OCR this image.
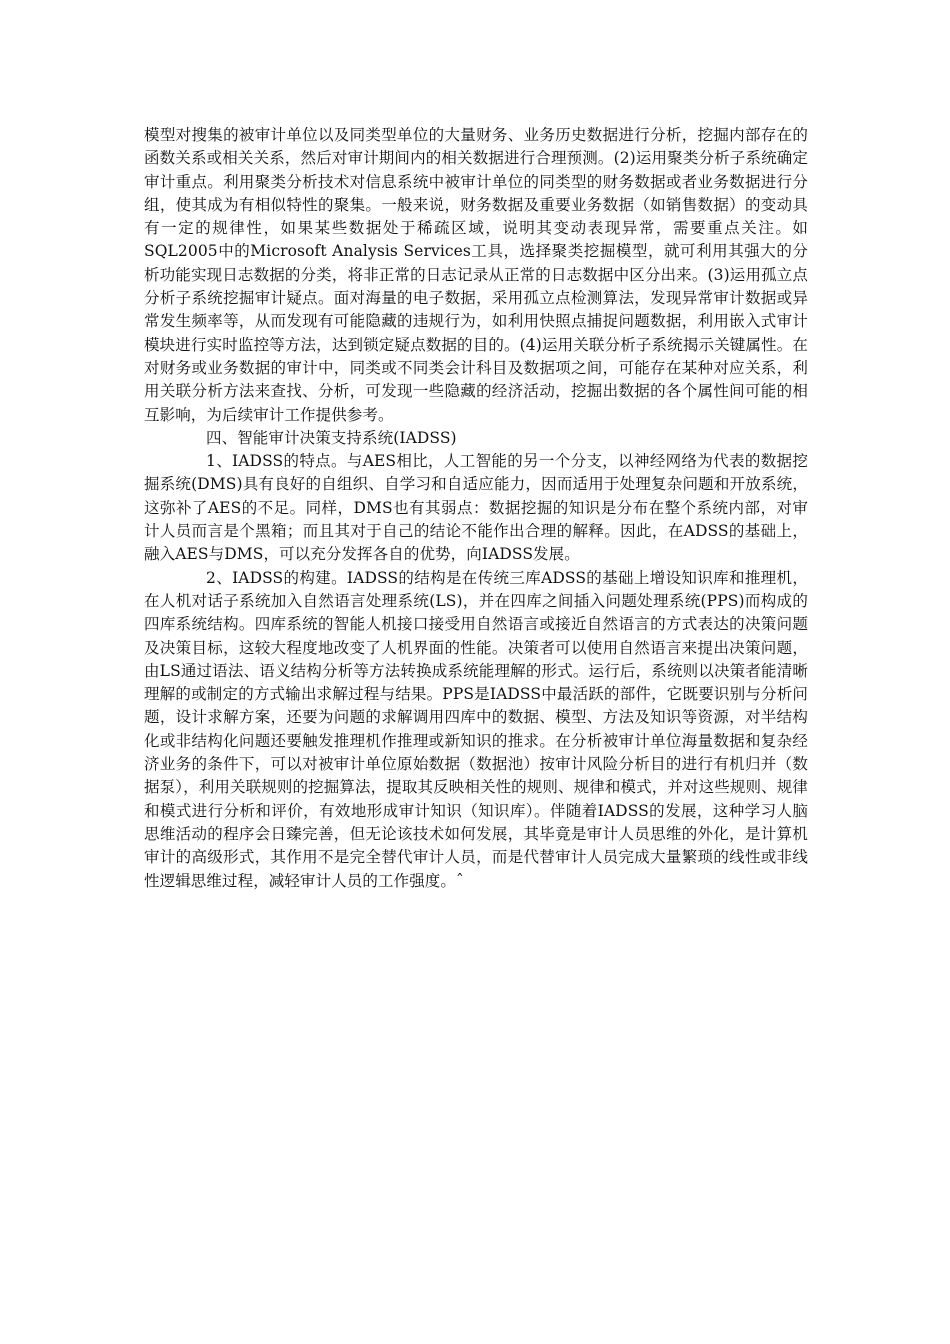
模型对搜集的被审计单位以及同类型单位的大量财务、业务历史数据进行分析，挖掘内部存在的函数关系或相关关系，然后对审计期间内的相关数据进行合理预测。(2)运用聚类分析子系统确定审计重点。利用聚类分析技术对信息系统中被审计单位的同类型的财务数据或者业务数据进行分组，使其成为有相似特性的聚集。一般来说，财务数据及重要业务数据（如销售数据）的变动具有一定的规律性，如果某些数据处于稀疏区域，说明其变动表现异常，需要重点关注。如SQL2005中的Microsoft Analysis Services工具，选择聚类挖掘模型，就可利用其强大的分析功能实现日志数据的分类，将非正常的日志记录从正常的日志数据中区分出来。(3)运用孤立点分析子系统挖掘审计疑点。面对海量的电子数据，采用孤立点检测算法，发现异常审计数据或异常发生频率等，从而发现有可能隐藏的违规行为，如利用快照点捕捉问题数据，利用嵌入式审计模块进行实时监控等方法，达到锁定疑点数据的目的。(4)运用关联分析子系统揭示关键属性。在对财务或业务数据的审计中，同类或不同类会计科目及数据项之间，可能存在某种对应关系，利用关联分析方法来查找、分析，可发现一些隐藏的经济活动，挖掘出数据的各个属性间可能的相互影响，为后续审计工作提供参考。

四、智能审计决策支持系统(IADSS)

1、IADSS的特点。与AES相比，人工智能的另一个分支，以神经网络为代表的数据挖掘系统(DMS)具有良好的自组织、自学习和自适应能力，因而适用于处理复杂问题和开放系统，这弥补了AES的不足。同样，DMS也有其弱点：数据挖掘的知识是分布在整个系统内部，对审计人员而言是个黑箱；而且其对于自己的结论不能作出合理的解释。因此，在ADSS的基础上，融入AES与DMS，可以充分发挥各自的优势，向IADSS发展。

2、IADSS的构建。IADSS的结构是在传统三库ADSS的基础上增设知识库和推理机，在人机对话子系统加入自然语言处理系统(LS)，并在四库之间插入问题处理系统(PPS)而构成的四库系统结构。四库系统的智能人机接口接受用自然语言或接近自然语言的方式表达的决策问题及决策目标，这较大程度地改变了人机界面的性能。决策者可以使用自然语言来提出决策问题，由LS通过语法、语义结构分析等方法转换成系统能理解的形式。运行后，系统则以决策者能清晰理解的或制定的方式输出求解过程与结果。PPS是IADSS中最活跃的部件，它既要识别与分析问题，设计求解方案，还要为问题的求解调用四库中的数据、模型、方法及知识等资源，对半结构化或非结构化问题还要触发推理机作推理或新知识的推求。在分析被审计单位海量数据和复杂经济业务的条件下，可以对被审计单位原始数据（数据池）按审计风险分析目的进行有机归并（数据泵），利用关联规则的挖掘算法，提取其反映相关性的规则、规律和模式，并对这些规则、规律和模式进行分析和评价，有效地形成审计知识（知识库）。伴随着IADSS的发展，这种学习人脑思维活动的程序会日臻完善，但无论该技术如何发展，其毕竟是审计人员思维的外化，是计算机审计的高级形式，其作用不是完全替代审计人员，而是代替审计人员完成大量繁琐的线性或非线性逻辑思维过程，减轻审计人员的工作强度。ˆ
